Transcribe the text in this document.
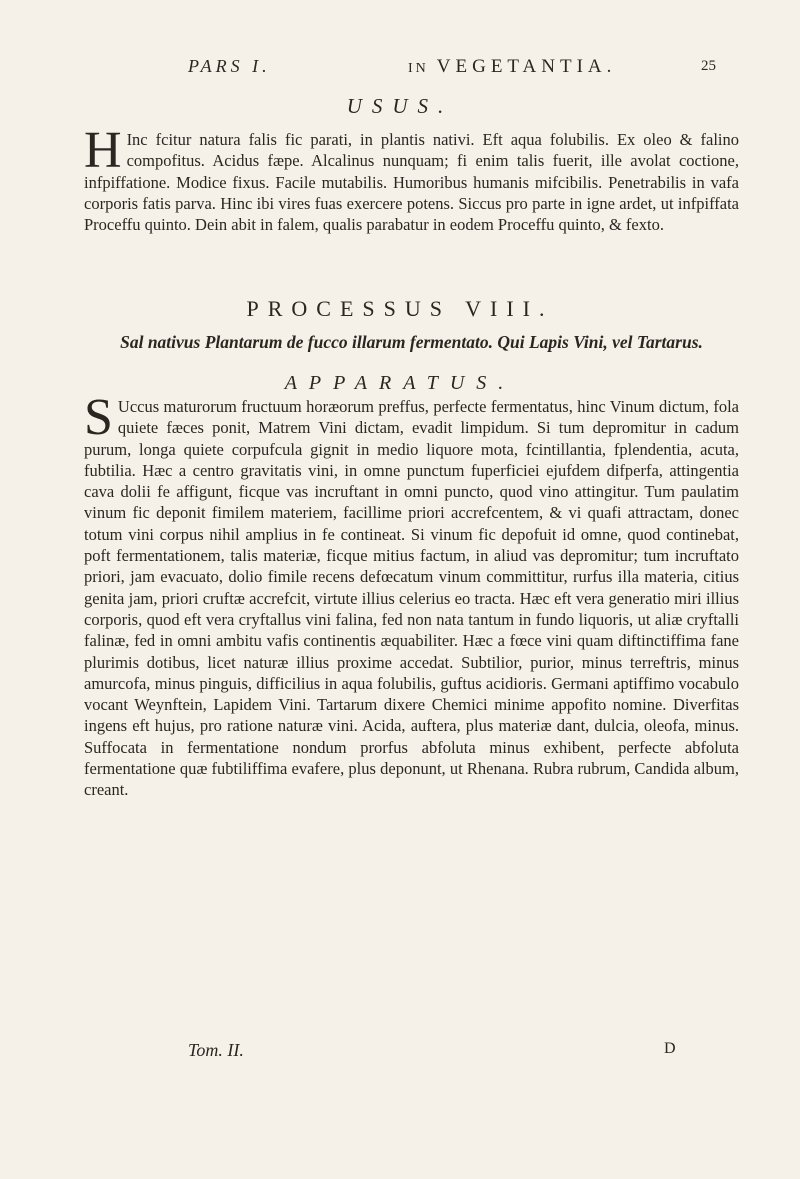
PARS I.	IN VEGETANTIA.	25
USUS.

H Inc fcitur natura falis fic parati, in plantis nativi. Eft aqua folubilis. Ex oleo & falino compofitus. Acidus fæpe. Alcalinus nunquam; fi enim talis fuerit, ille avolat coctione, infpiffatione. Modice fixus. Facile mutabilis. Humoribus humanis mifcibilis. Penetrabilis in vafa corporis fatis parva. Hinc ibi vires fuas exercere potens. Siccus pro parte in igne ardet, ut infpiffata Proceffu quinto. Dein abit in falem, qualis parabatur in eodem Proceffu quinto, & fexto.

PROCESSUS VIII.
Sal nativus Plantarum de fucco illarum fermentato. Qui Lapis Vini, vel Tartarus.
APPARATUS.

S Uccus maturorum fructuum horæorum preffus, perfecte fermentatus, hinc Vinum dictum, fola quiete fæces ponit, Matrem Vini dictam, evadit limpidum. Si tum depromitur in cadum purum, longa quiete corpufcula gignit in medio liquore mota, fcintillantia, fplendentia, acuta, fubtilia. Hæc a centro gravitatis vini, in omne punctum fuperficiei ejufdem difperfa, attingentia cava dolii fe affigunt, ficque vas incruftant in omni puncto, quod vino attingitur. Tum paulatim vinum fic deponit fimilem materiem, facillime priori accrefcentem, & vi quafi attractam, donec totum vini corpus nihil amplius in fe contineat. Si vinum fic depofuit id omne, quod continebat, poft fermentationem, talis materiæ, ficque mitius factum, in aliud vas depromitur; tum incruftato priori, jam evacuato, dolio fimile recens defœcatum vinum committitur, rurfus illa materia, citius genita jam, priori cruftæ accrefcit, virtute illius celerius eo tracta. Hæc eft vera generatio miri illius corporis, quod eft vera cryftallus vini falina, fed non nata tantum in fundo liquoris, ut aliæ cryftalli falinæ, fed in omni ambitu vafis continentis æquabiliter. Hæc a fœce vini quam diftinctiffima fane plurimis dotibus, licet naturæ illius proxime accedat. Subtilior, purior, minus terreftris, minus amurcofa, minus pinguis, difficilius in aqua folubilis, guftus acidioris. Germani aptiffimo vocabulo vocant Weynftein, Lapidem Vini. Tartarum dixere Chemici minime appofito nomine. Diverfitas ingens eft hujus, pro ratione naturæ vini. Acida, auftera, plus materiæ dant, dulcia, oleofa, minus. Suffocata in fermentatione nondum prorfus abfoluta minus exhibent, perfecte abfoluta fermentatione quæ fubtiliffima evafere, plus deponunt, ut Rhenana. Rubra rubrum, Candida album, creant.

Tom. II.	D
